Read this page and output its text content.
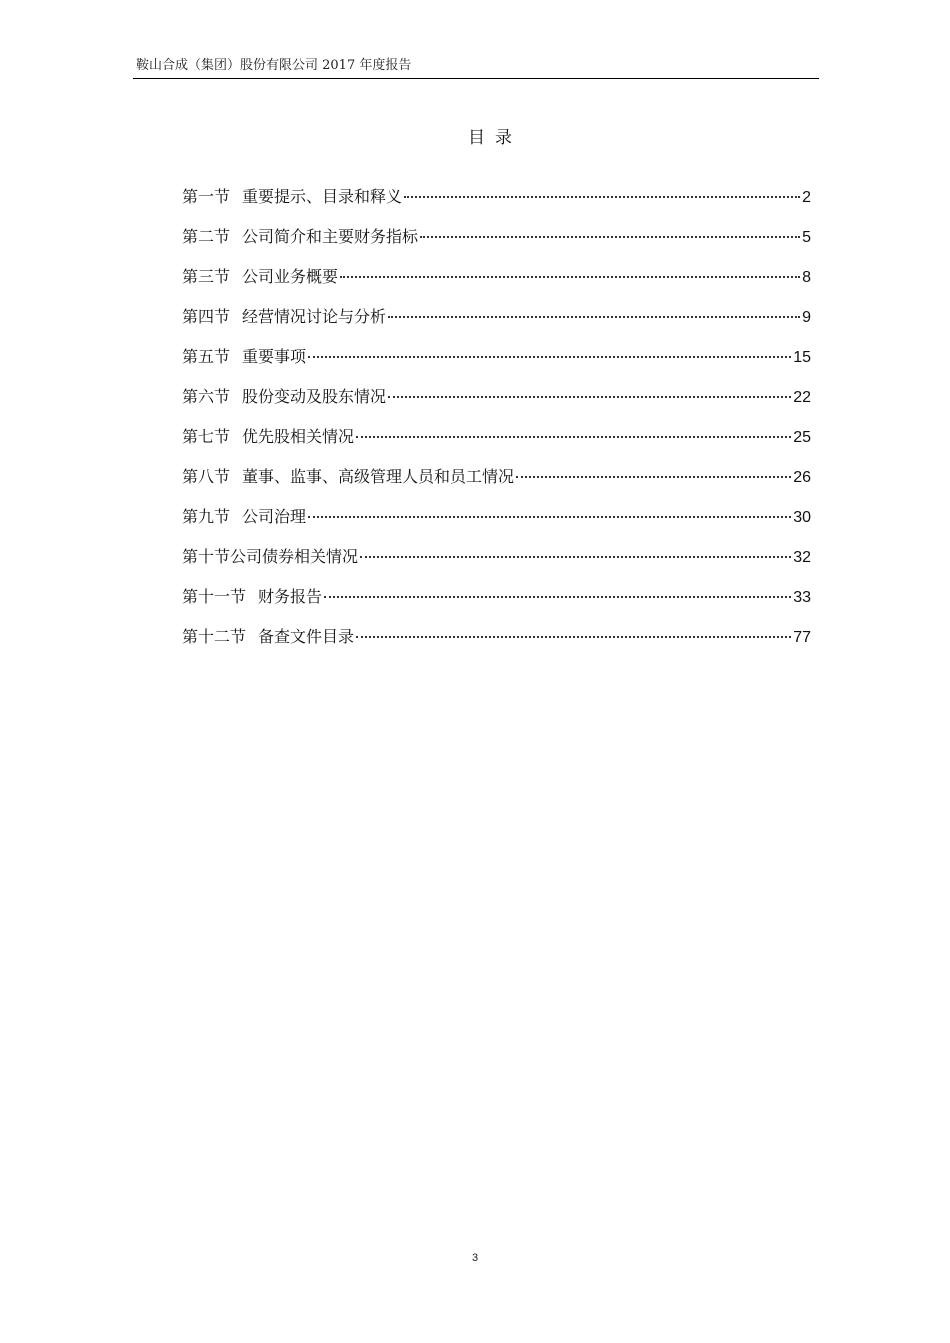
鞍山合成（集团）股份有限公司 2017 年度报告
目录
第一节 重要提示、目录和释义	2
第二节 公司简介和主要财务指标	5
第三节 公司业务概要	8
第四节 经营情况讨论与分析	9
第五节 重要事项	15
第六节 股份变动及股东情况	22
第七节 优先股相关情况	25
第八节 董事、监事、高级管理人员和员工情况	26
第九节 公司治理	30
第十节 公司债券相关情况	32
第十一节 财务报告	33
第十二节 备查文件目录	77
3
